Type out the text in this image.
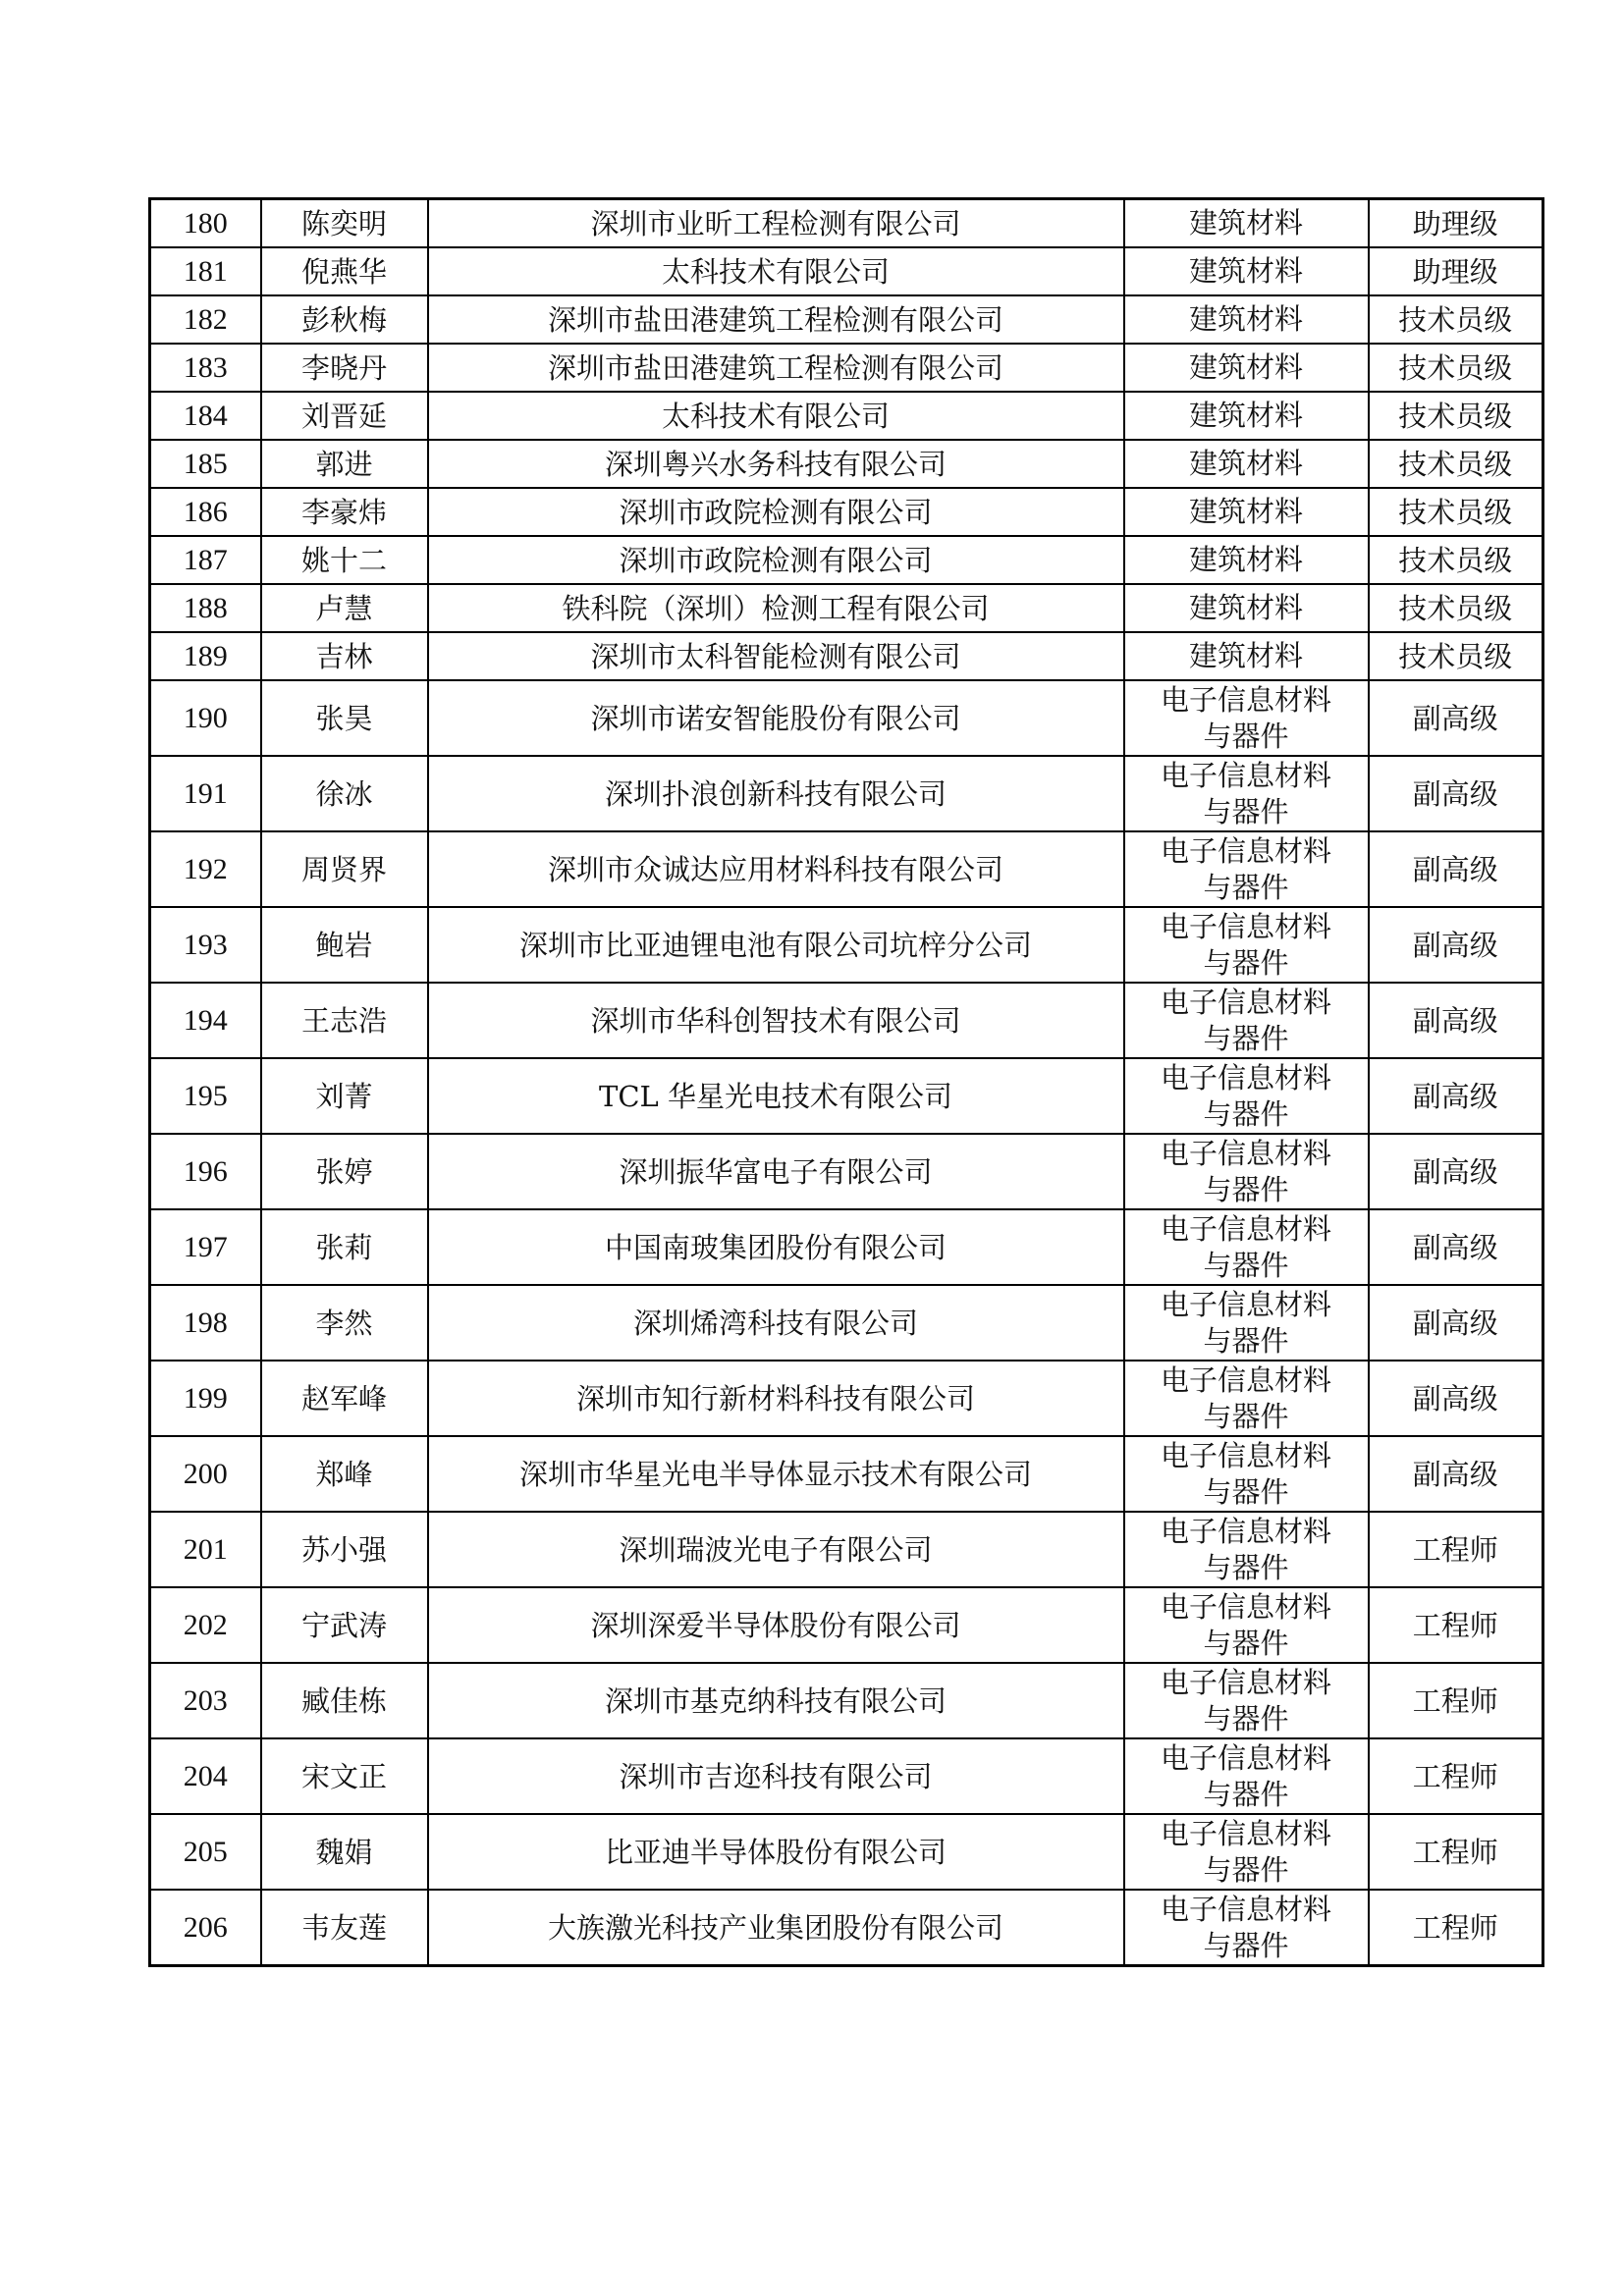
180	陈奕明	深圳市业昕工程检测有限公司	建筑材料	助理级
181	倪燕华	太科技术有限公司	建筑材料	助理级
182	彭秋梅	深圳市盐田港建筑工程检测有限公司	建筑材料	技术员级
183	李晓丹	深圳市盐田港建筑工程检测有限公司	建筑材料	技术员级
184	刘晋延	太科技术有限公司	建筑材料	技术员级
185	郭进	深圳粤兴水务科技有限公司	建筑材料	技术员级
186	李豪炜	深圳市政院检测有限公司	建筑材料	技术员级
187	姚十二	深圳市政院检测有限公司	建筑材料	技术员级
188	卢慧	铁科院（深圳）检测工程有限公司	建筑材料	技术员级
189	吉林	深圳市太科智能检测有限公司	建筑材料	技术员级
190	张昊	深圳市诺安智能股份有限公司	电子信息材料与器件	副高级
191	徐冰	深圳扑浪创新科技有限公司	电子信息材料与器件	副高级
192	周贤界	深圳市众诚达应用材料科技有限公司	电子信息材料与器件	副高级
193	鲍岩	深圳市比亚迪锂电池有限公司坑梓分公司	电子信息材料与器件	副高级
194	王志浩	深圳市华科创智技术有限公司	电子信息材料与器件	副高级
195	刘菁	TCL 华星光电技术有限公司	电子信息材料与器件	副高级
196	张婷	深圳振华富电子有限公司	电子信息材料与器件	副高级
197	张莉	中国南玻集团股份有限公司	电子信息材料与器件	副高级
198	李然	深圳烯湾科技有限公司	电子信息材料与器件	副高级
199	赵军峰	深圳市知行新材料科技有限公司	电子信息材料与器件	副高级
200	郑峰	深圳市华星光电半导体显示技术有限公司	电子信息材料与器件	副高级
201	苏小强	深圳瑞波光电子有限公司	电子信息材料与器件	工程师
202	宁武涛	深圳深爱半导体股份有限公司	电子信息材料与器件	工程师
203	臧佳栋	深圳市基克纳科技有限公司	电子信息材料与器件	工程师
204	宋文正	深圳市吉迩科技有限公司	电子信息材料与器件	工程师
205	魏娟	比亚迪半导体股份有限公司	电子信息材料与器件	工程师
206	韦友莲	大族激光科技产业集团股份有限公司	电子信息材料与器件	工程师
